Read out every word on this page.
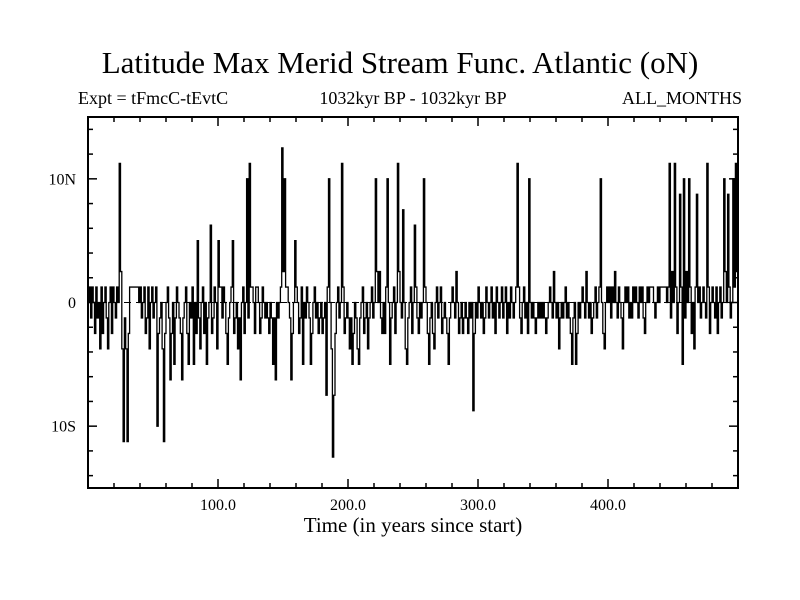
Latitude Max Merid Stream Func. Atlantic (oN)
Expt = tFmcC-tEvtC	1032kyr BP - 1032kyr BP	ALL_MONTHS
100.0	200.0	300.0	400.0
10N
0
10S
Time (in years since start)
